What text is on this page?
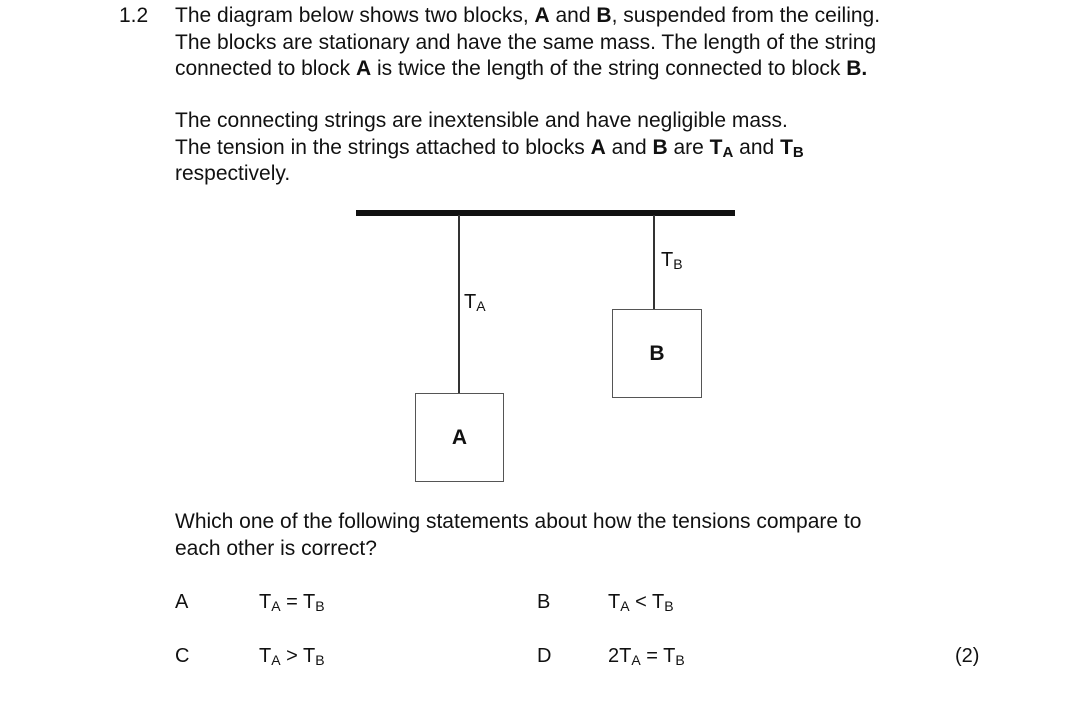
1.2 The diagram below shows two blocks, A and B, suspended from the ceiling.
The blocks are stationary and have the same mass. The length of the string
connected to block A is twice the length of the string connected to block B.
The connecting strings are inextensible and have negligible mass.
The tension in the strings attached to blocks A and B are $T_A$ and $T_B$
respectively.
$T_A$
$T_B$
A
B
Which one of the following statements about how the tensions compare to
each other is correct?
A	$T_A = T_B$	B	$T_A < T_B$
C	$T_A > T_B$	D	$2T_A = T_B$	(2)
